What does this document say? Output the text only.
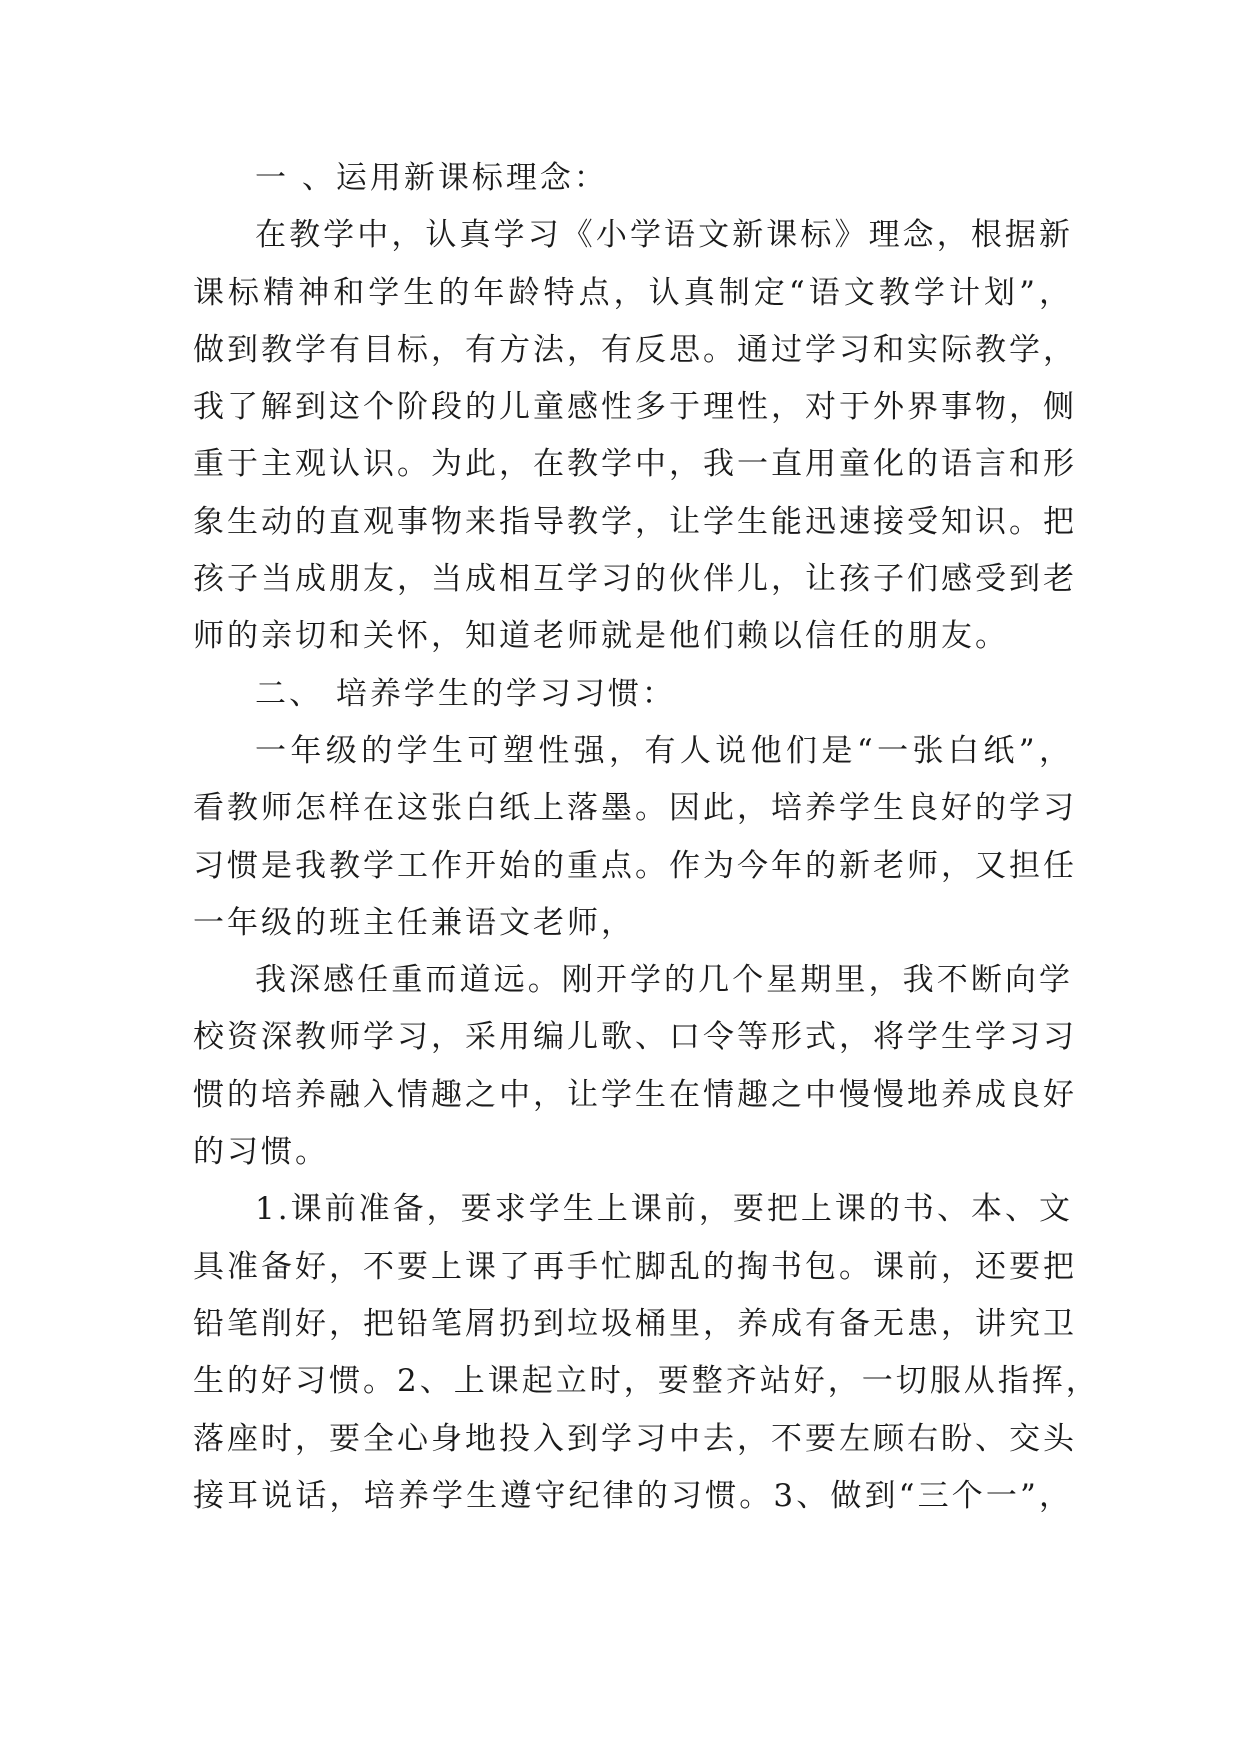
一 、运用新课标理念：
在教学中，认真学习《小学语文新课标》理念，根据新
课标精神和学生的年龄特点，认真制定“语文教学计划”，
做到教学有目标，有方法，有反思。通过学习和实际教学，
我了解到这个阶段的儿童感性多于理性，对于外界事物，侧
重于主观认识。为此，在教学中，我一直用童化的语言和形
象生动的直观事物来指导教学，让学生能迅速接受知识。把
孩子当成朋友，当成相互学习的伙伴儿，让孩子们感受到老
师的亲切和关怀，知道老师就是他们赖以信任的朋友。
二、 培养学生的学习习惯：
一年级的学生可塑性强，有人说他们是“一张白纸”，
看教师怎样在这张白纸上落墨。因此，培养学生良好的学习
习惯是我教学工作开始的重点。作为今年的新老师，又担任
一年级的班主任兼语文老师，
我深感任重而道远。刚开学的几个星期里，我不断向学
校资深教师学习，采用编儿歌、口令等形式，将学生学习习
惯的培养融入情趣之中，让学生在情趣之中慢慢地养成良好
的习惯。
1.课前准备，要求学生上课前，要把上课的书、本、文
具准备好，不要上课了再手忙脚乱的掏书包。课前，还要把
铅笔削好，把铅笔屑扔到垃圾桶里，养成有备无患，讲究卫
生的好习惯。2、上课起立时，要整齐站好，一切服从指挥，
落座时，要全心身地投入到学习中去，不要左顾右盼、交头
接耳说话，培养学生遵守纪律的习惯。3、做到“三个一”，
